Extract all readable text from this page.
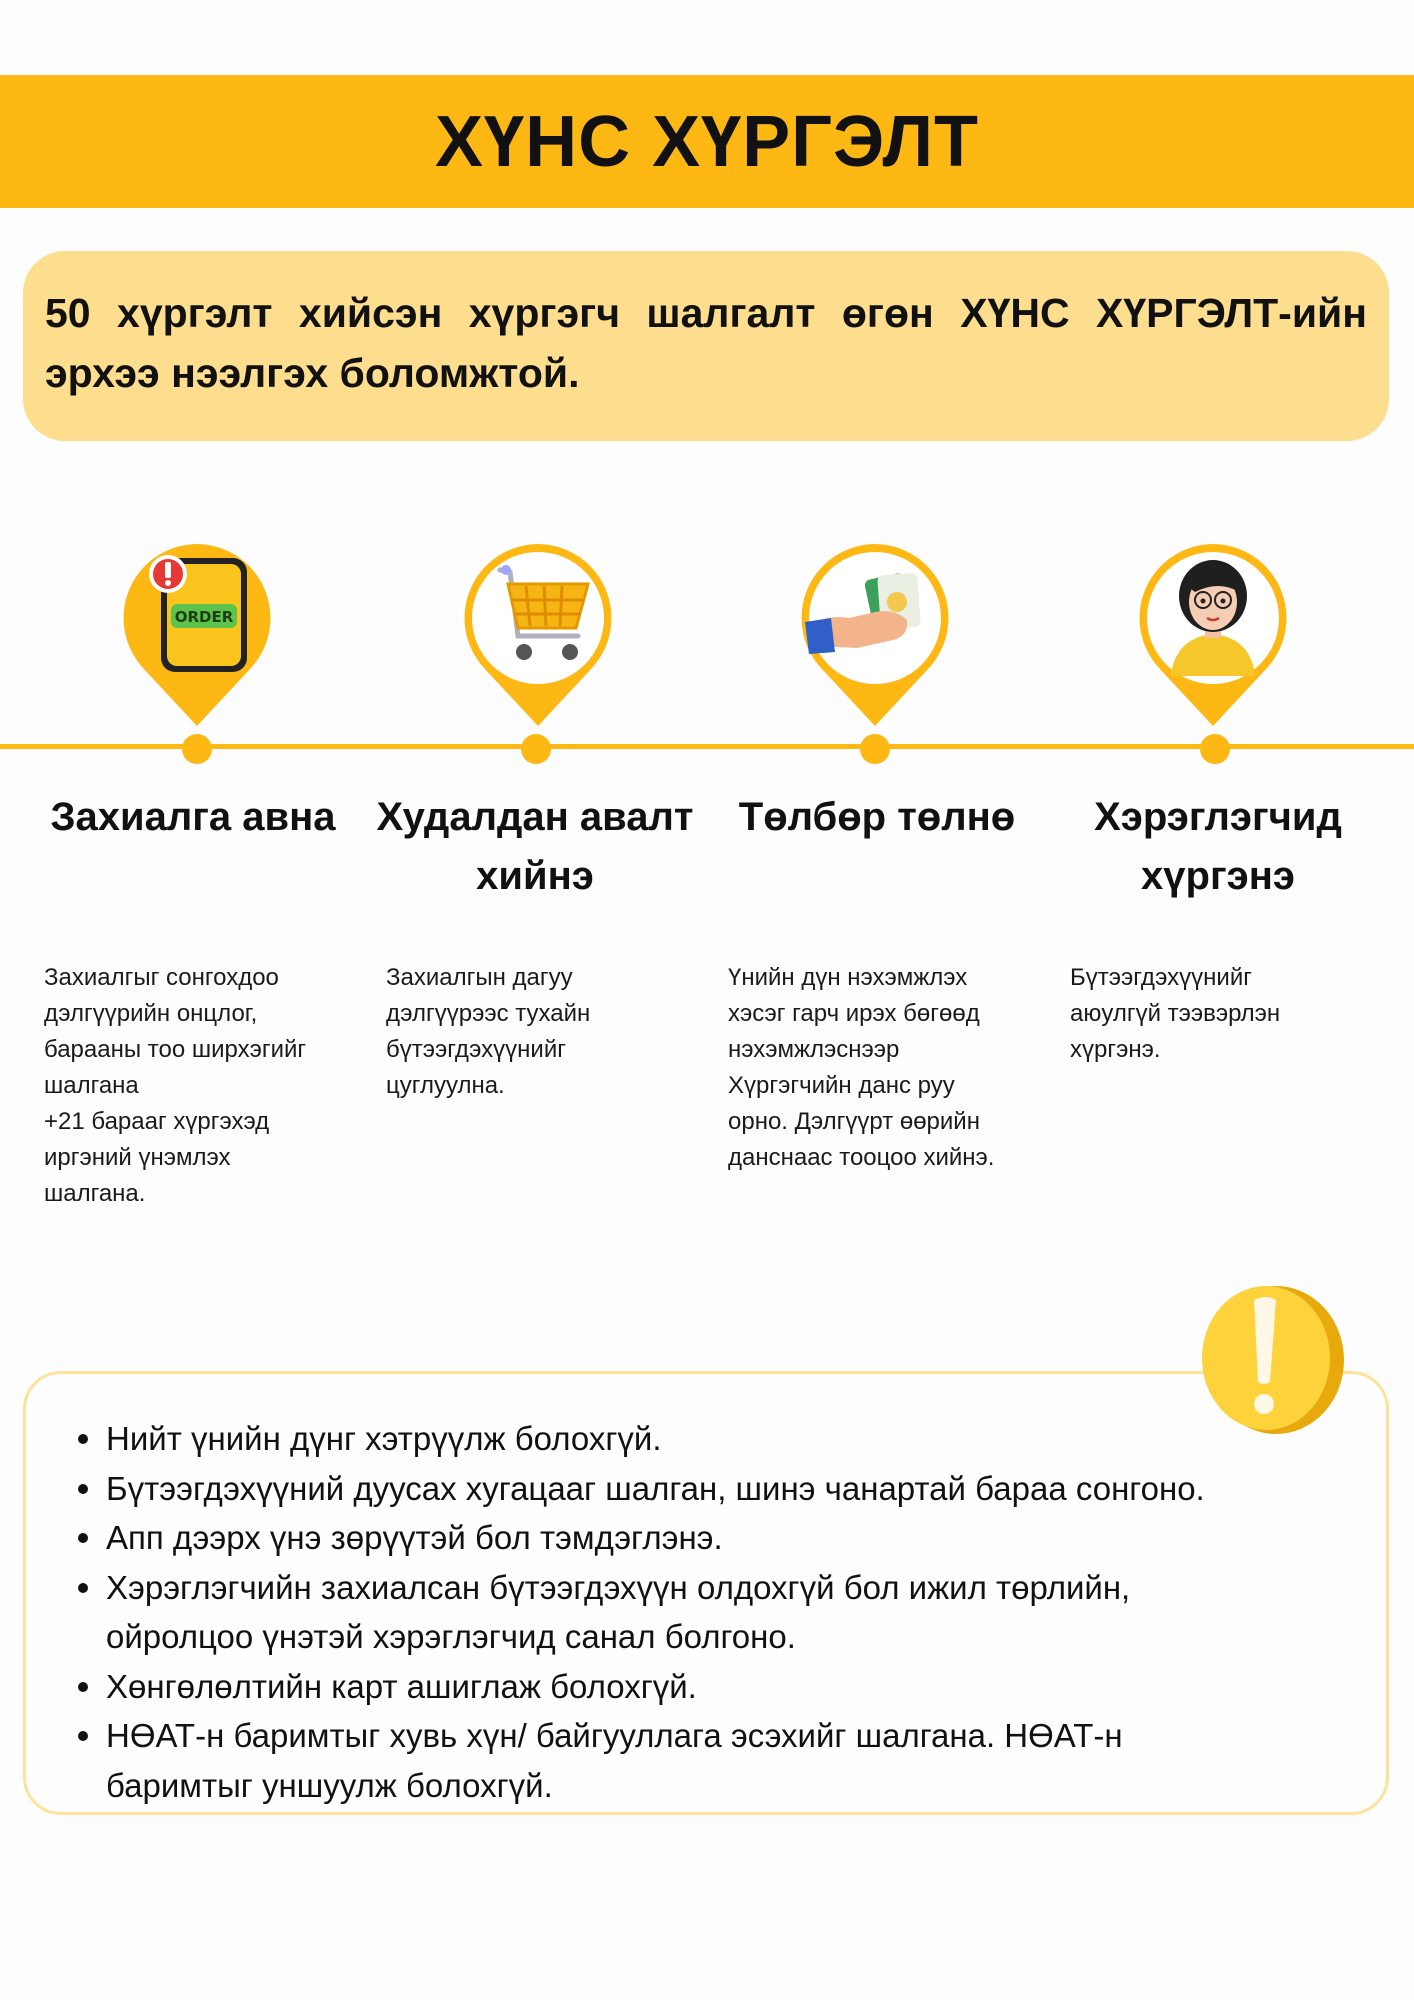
ХҮНС ХҮРГЭЛТ

50 хүргэлт хийсэн хүргэгч шалгалт өгөн ХҮНС ХҮРГЭЛТ-ийн эрхээ нээлгэх боломжтой.

ORDER
Захиалга авна	Худалдан авалт хийнэ
Төлбөр төлнө	Хэрэглэгчид хүргэнэ
Захиалгыг сонгохдоо
дэлгүүрийн онцлог,
барааны тоо ширхэгийг
шалгана
+21 барааг хүргэхэд
иргэний үнэмлэх
шалгана.
Захиалгын дагуу
дэлгүүрээс тухайн
бүтээгдэхүүнийг
цуглуулна.
Үнийн дүн нэхэмжлэх
хэсэг гарч ирэх бөгөөд
нэхэмжлэснээр
Хүргэгчийн данс руу
орно. Дэлгүүрт өөрийн
данснаас тооцоо хийнэ.
Бүтээгдэхүүнийг
аюулгүй тээвэрлэн
хүргэнэ.
Нийт үнийн дүнг хэтрүүлж болохгүй.
Бүтээгдэхүүний дуусах хугацааг шалган, шинэ чанартай бараа сонгоно.
Апп дээрх үнэ зөрүүтэй бол тэмдэглэнэ.
Хэрэглэгчийн захиалсан бүтээгдэхүүн олдохгүй бол ижил төрлийн, ойролцоо үнэтэй хэрэглэгчид санал болгоно.
Хөнгөлөлтийн карт ашиглаж болохгүй.
НӨАТ-н баримтыг хувь хүн/ байгууллага эсэхийг шалгана. НӨАТ-н баримтыг уншуулж болохгүй.
